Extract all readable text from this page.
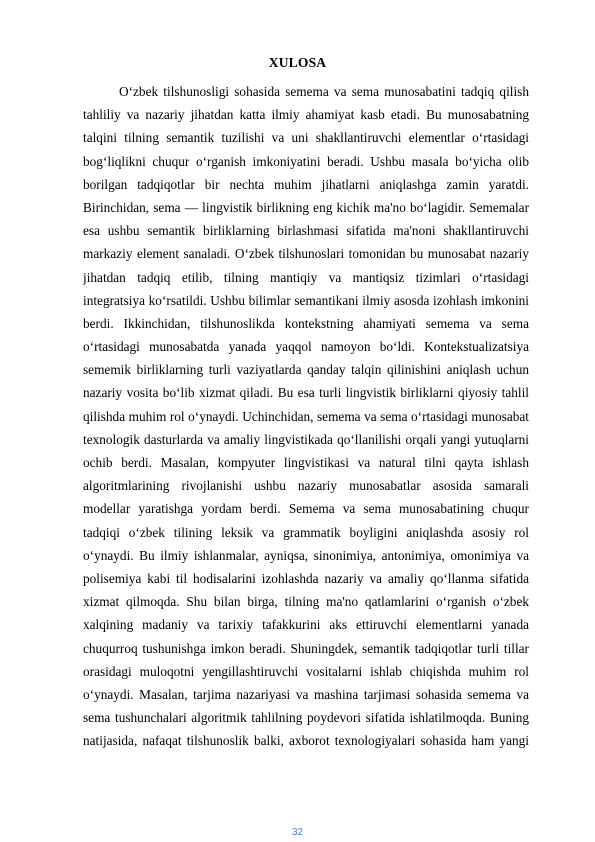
XULOSA
O‘zbek tilshunosligi sohasida semema va sema munosabatini tadqiq qilish
tahliliy va nazariy jihatdan katta ilmiy ahamiyat kasb etadi. Bu munosabatning
talqini tilning semantik tuzilishi va uni shakllantiruvchi elementlar o‘rtasidagi
bog‘liqlikni chuqur o‘rganish imkoniyatini beradi. Ushbu masala bo‘yicha olib
borilgan tadqiqotlar bir nechta muhim jihatlarni aniqlashga zamin yaratdi.
Birinchidan, sema — lingvistik birlikning eng kichik ma'no bo‘lagidir. Sememalar
esa ushbu semantik birliklarning birlashmasi sifatida ma'noni shakllantiruvchi
markaziy element sanaladi. O‘zbek tilshunoslari tomonidan bu munosabat nazariy
jihatdan tadqiq etilib, tilning mantiqiy va mantiqsiz tizimlari o‘rtasidagi
integratsiya ko‘rsatildi. Ushbu bilimlar semantikani ilmiy asosda izohlash imkonini
berdi. Ikkinchidan, tilshunoslikda kontekstning ahamiyati semema va sema
o‘rtasidagi munosabatda yanada yaqqol namoyon bo‘ldi. Kontekstualizatsiya
sememik birliklarning turli vaziyatlarda qanday talqin qilinishini aniqlash uchun
nazariy vosita bo‘lib xizmat qiladi. Bu esa turli lingvistik birliklarni qiyosiy tahlil
qilishda muhim rol o‘ynaydi. Uchinchidan, semema va sema o‘rtasidagi munosabat
texnologik dasturlarda va amaliy lingvistikada qo‘llanilishi orqali yangi yutuqlarni
ochib berdi. Masalan, kompyuter lingvistikasi va natural tilni qayta ishlash
algoritmlarining rivojlanishi ushbu nazariy munosabatlar asosida samarali
modellar yaratishga yordam berdi. Sememа va sema munosabatining chuqur
tadqiqi o‘zbek tilining leksik va grammatik boyligini aniqlashda asosiy rol
o‘ynaydi. Bu ilmiy ishlanmalar, ayniqsa, sinonimiya, antonimiya, omonimiya va
polisemiya kabi til hodisalarini izohlashda nazariy va amaliy qo‘llanma sifatida
xizmat qilmoqda. Shu bilan birga, tilning ma'no qatlamlarini o‘rganish o‘zbek
xalqining madaniy va tarixiy tafakkurini aks ettiruvchi elementlarni yanada
chuqurroq tushunishga imkon beradi. Shuningdek, semantik tadqiqotlar turli tillar
orasidagi muloqotni yengillashtiruvchi vositalarni ishlab chiqishda muhim rol
o‘ynaydi. Masalan, tarjima nazariyasi va mashina tarjimasi sohasida semema va
sema tushunchalari algoritmik tahlilning poydevori sifatida ishlatilmoqda. Buning
natijasida, nafaqat tilshunoslik balki, axborot texnologiyalari sohasida ham yangi
32
